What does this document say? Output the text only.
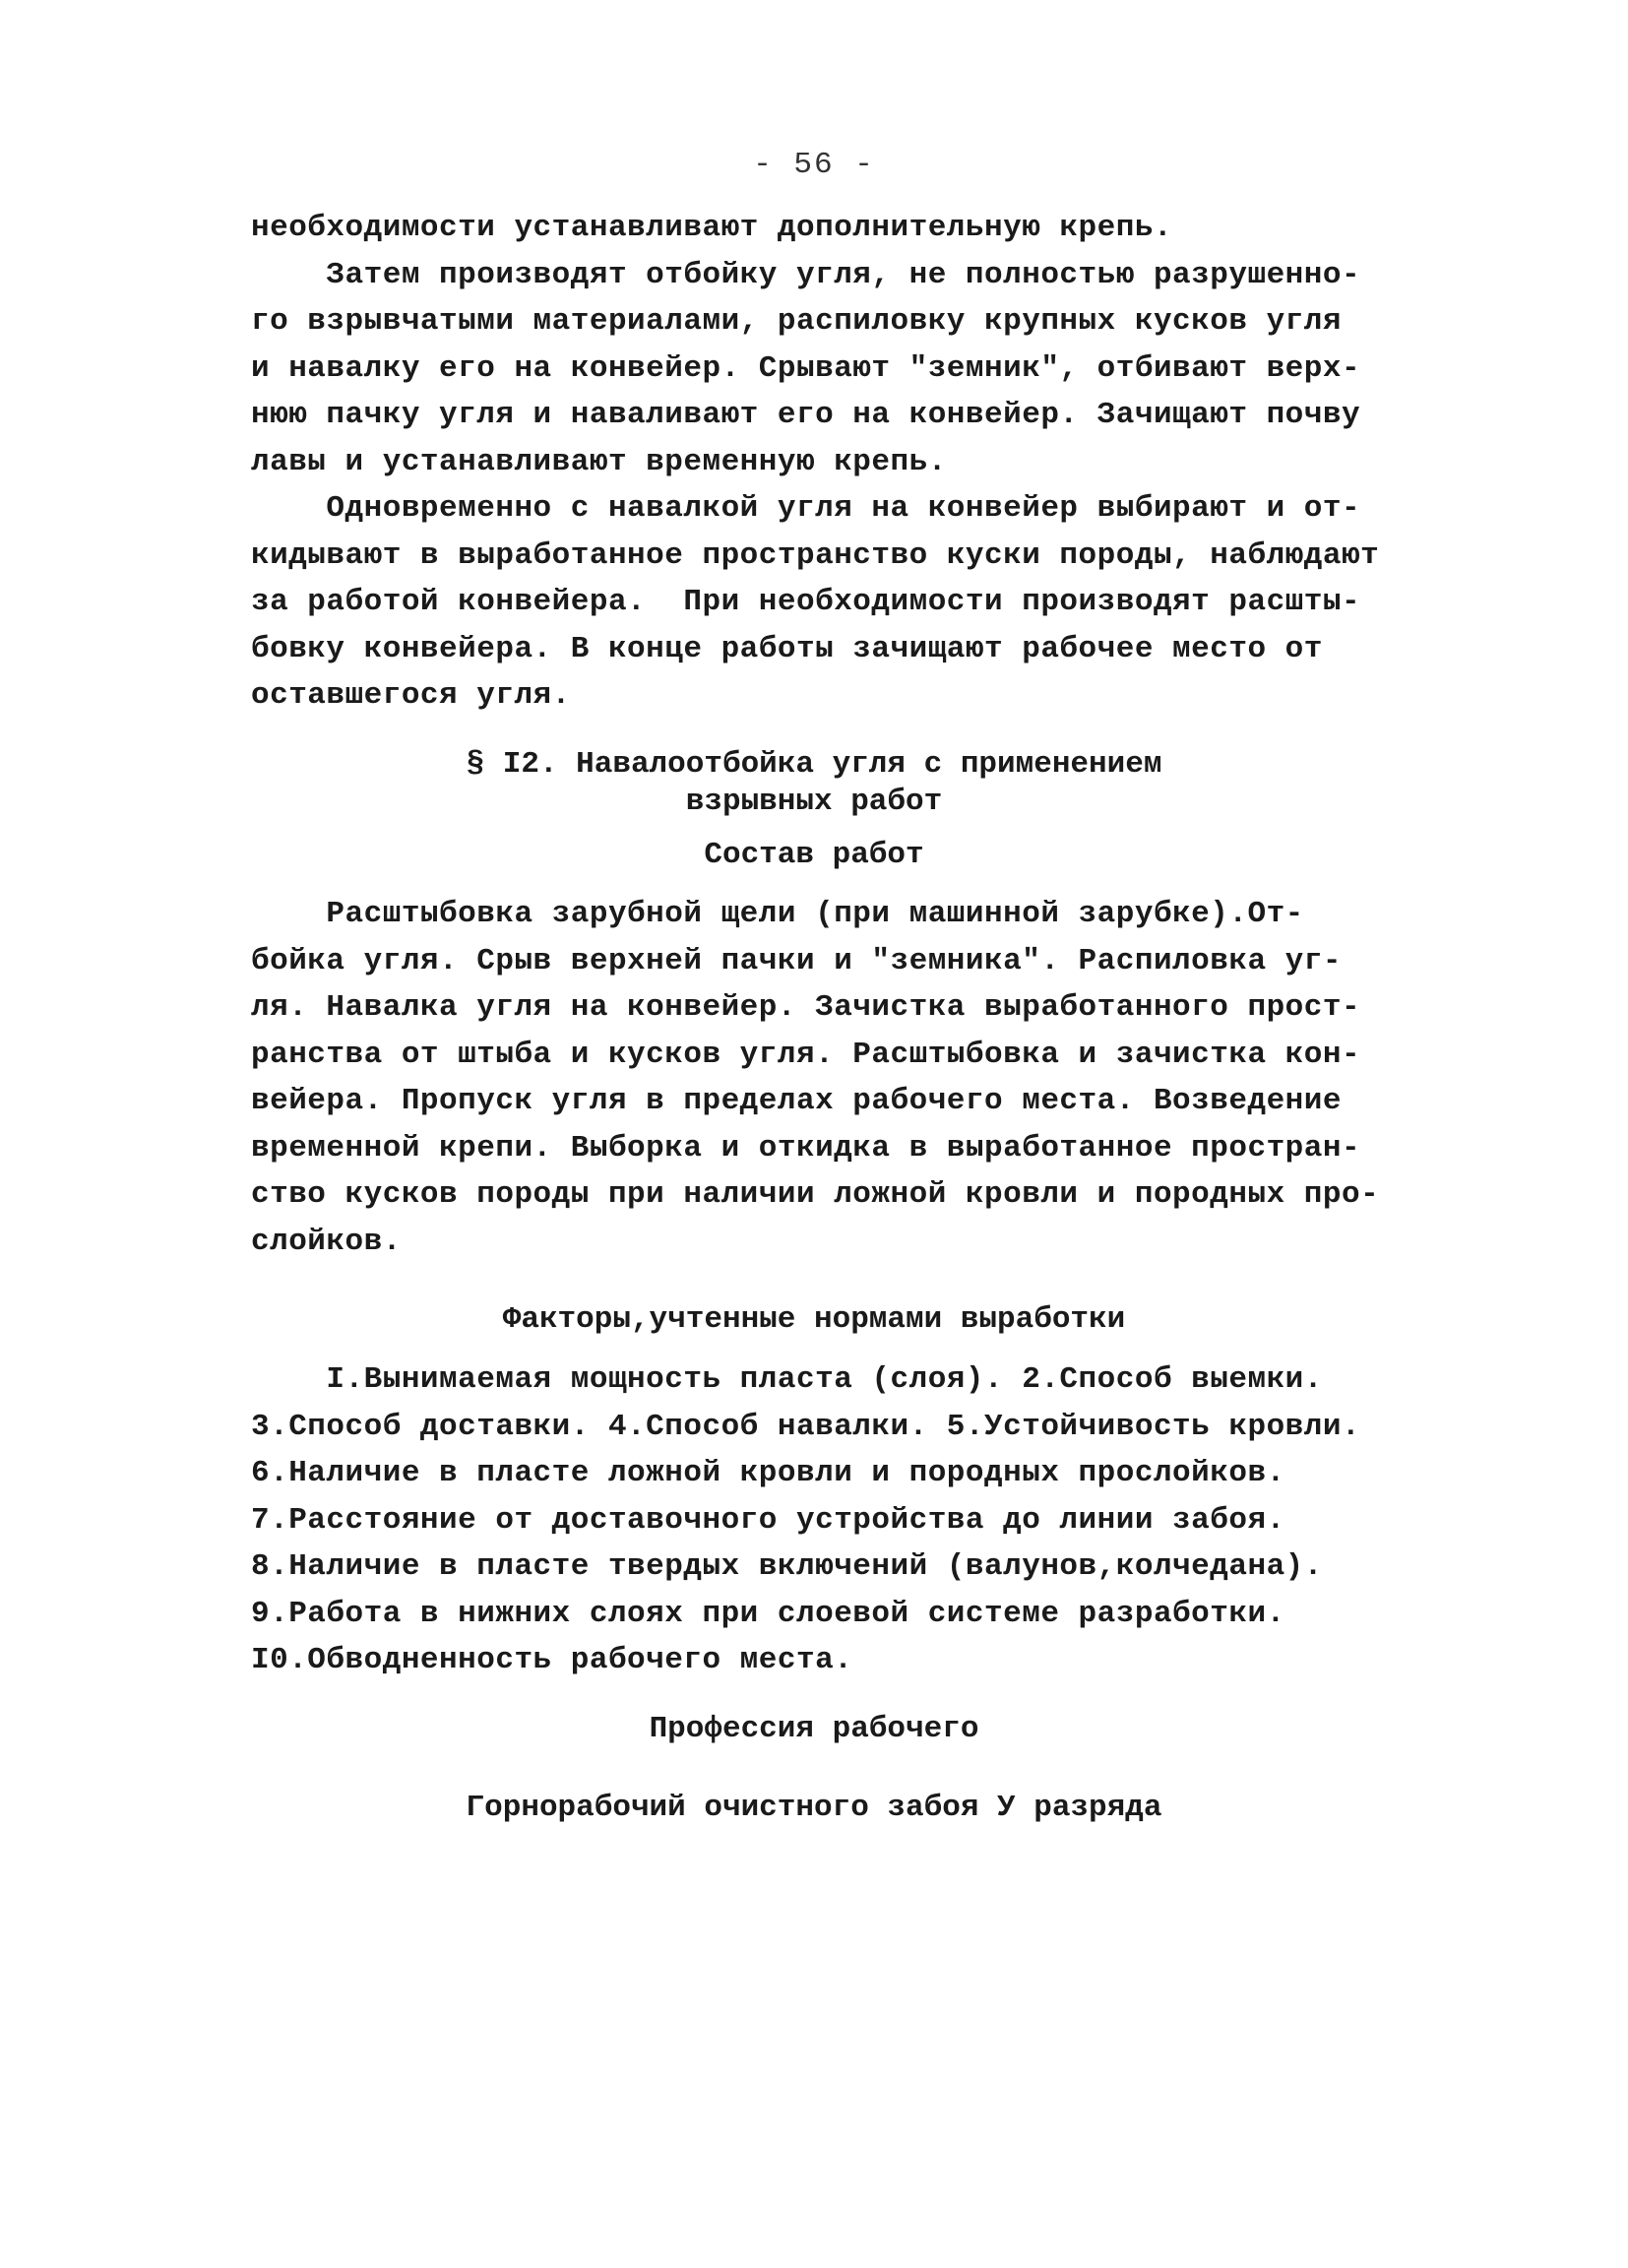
- 56 -
необходимости устанавливают дополнительную крепь.
Затем производят отбойку угля, не полностью разрушенно-
го взрывчатыми материалами, распиловку крупных кусков угля
и навалку его на конвейер. Срывают "земник", отбивают верх-
нюю пачку угля и наваливают его на конвейер. Зачищают почву
лавы и устанавливают временную крепь.
Одновременно с навалкой угля на конвейер выбирают и от-
кидывают в выработанное пространство куски породы, наблюдают
за работой конвейера.  При необходимости производят расшты-
бовку конвейера. В конце работы зачищают рабочее место от
оставшегося угля.
§ I2. Навалоотбойка угля с применением
взрывных работ
Состав работ
Расштыбовка зарубной щели (при машинной зарубке).От-
бойка угля. Срыв верхней пачки и "земника". Распиловка уг-
ля. Навалка угля на конвейер. Зачистка выработанного прост-
ранства от штыба и кусков угля. Расштыбовка и зачистка кон-
вейера. Пропуск угля в пределах рабочего места. Возведение
временной крепи. Выборка и откидка в выработанное простран-
ство кусков породы при наличии ложной кровли и породных про-
слойков.
Факторы,учтенные нормами выработки
I.Вынимаемая мощность пласта (слоя). 2.Способ выемки.
3.Способ доставки. 4.Способ навалки. 5.Устойчивость кровли.
6.Наличие в пласте ложной кровли и породных прослойков.
7.Расстояние от доставочного устройства до линии забоя.
8.Наличие в пласте твердых включений (валунов,колчедана).
9.Работа в нижних слоях при слоевой системе разработки.
I0.Обводненность рабочего места.
Профессия рабочего
Горнорабочий очистного забоя У разряда
